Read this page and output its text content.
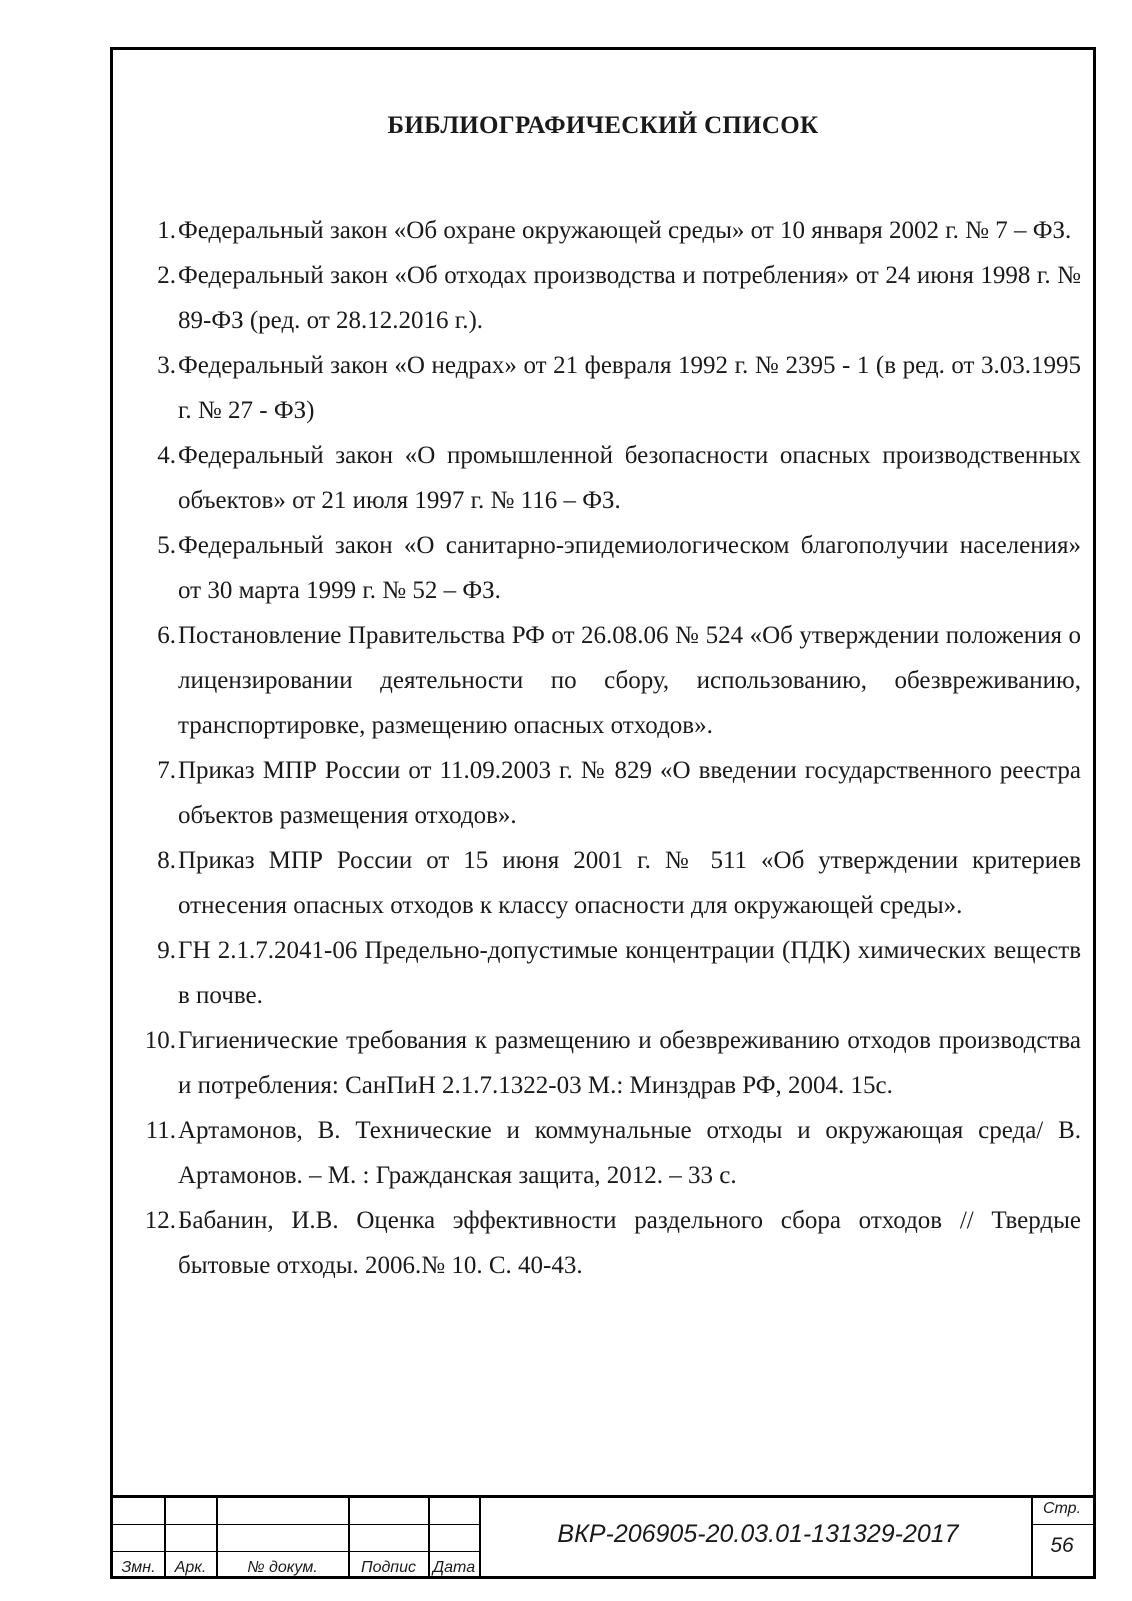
БИБЛИОГРАФИЧЕСКИЙ СПИСОК
1. Федеральный закон «Об охране окружающей среды» от 10 января 2002 г. № 7 – ФЗ.
2. Федеральный закон «Об отходах производства и потребления» от 24 июня 1998 г. № 89-ФЗ (ред. от 28.12.2016 г.).
3. Федеральный закон «О недрах» от 21 февраля 1992 г. № 2395 - 1 (в ред. от 3.03.1995 г. № 27 - ФЗ)
4. Федеральный закон «О промышленной безопасности опасных производственных объектов» от 21 июля 1997 г. № 116 – ФЗ.
5. Федеральный закон «О санитарно-эпидемиологическом благополучии населения» от 30 марта 1999 г. № 52 – ФЗ.
6. Постановление Правительства РФ от 26.08.06 № 524 «Об утверждении положения о лицензировании деятельности по сбору, использованию, обезвреживанию, транспортировке, размещению опасных отходов».
7. Приказ МПР России от 11.09.2003 г. № 829 «О введении государственного реестра объектов размещения отходов».
8. Приказ МПР России от 15 июня 2001 г. № 511 «Об утверждении критериев отнесения опасных отходов к классу опасности для окружающей среды».
9. ГН 2.1.7.2041-06 Предельно-допустимые концентрации (ПДК) химических веществ в почве.
10. Гигиенические требования к размещению и обезвреживанию отходов производства и потребления: СанПиН 2.1.7.1322-03 М.: Минздрав РФ, 2004. 15с.
11. Артамонов, В. Технические и коммунальные отходы и окружающая среда/ В. Артамонов. – М. : Гражданская защита, 2012. – 33 с.
12. Бабанин, И.В. Оценка эффективности раздельного сбора отходов // Твердые бытовые отходы. 2006.№ 10. С. 40-43.
Змн.	Арк.	№ докум.	Подпис	Дата
ВКР-206905-20.03.01-131329-2017
Стр.
56
